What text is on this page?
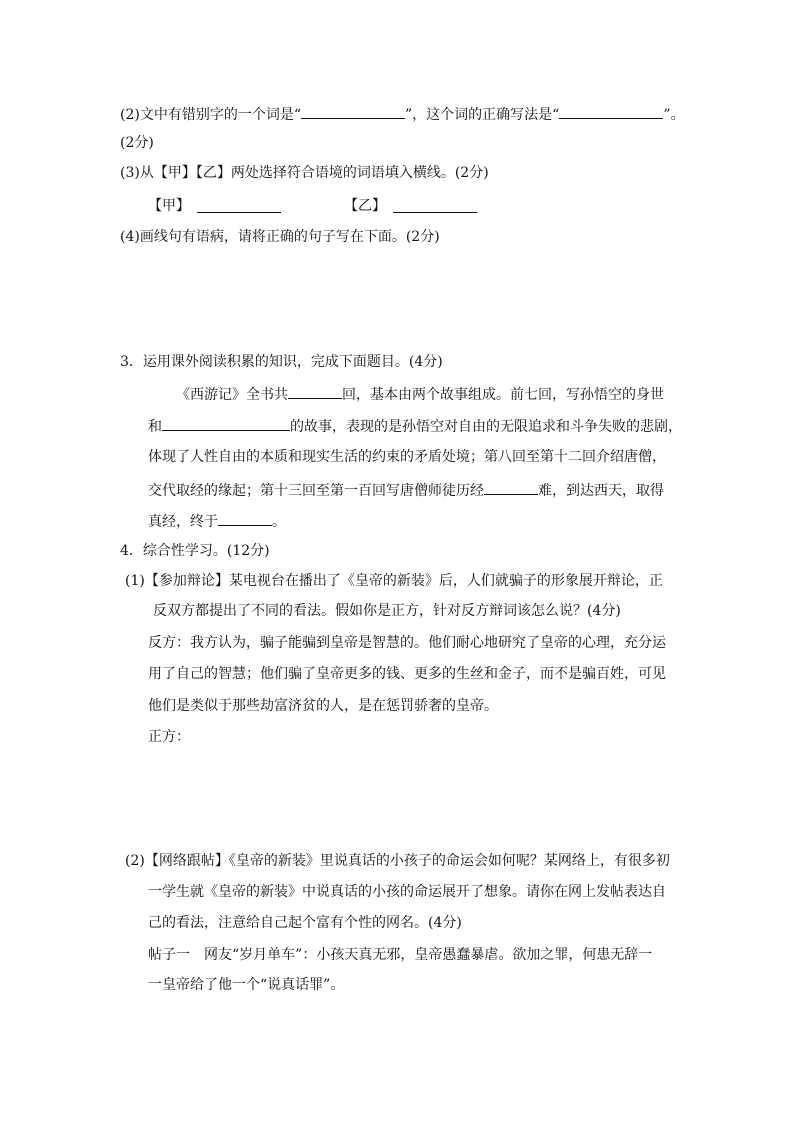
(2)文中有错别字的一个词是“	”，这个词的正确写法是“	”。
(2分)
(3)从【甲】【乙】两处选择符合语境的词语填入横线。(2分)
【甲】	【乙】
(4)画线句有语病，请将正确的句子写在下面。(2分)
3．运用课外阅读积累的知识，完成下面题目。(4分)
《西游记》全书共	回，基本由两个故事组成。前七回，写孙悟空的身世
和	的故事，表现的是孙悟空对自由的无限追求和斗争失败的悲剧，
体现了人性自由的本质和现实生活的约束的矛盾处境；第八回至第十二回介绍唐僧，
交代取经的缘起；第十三回至第一百回写唐僧师徒历经	难，到达西天，取得
真经，终于	。
4．综合性学习。(12分)
(1)【参加辩论】某电视台在播出了《皇帝的新装》后，人们就骗子的形象展开辩论，正
反双方都提出了不同的看法。假如你是正方，针对反方辩词该怎么说？(4分)
反方：我方认为，骗子能骗到皇帝是智慧的。他们耐心地研究了皇帝的心理，充分运
用了自己的智慧；他们骗了皇帝更多的钱、更多的生丝和金子，而不是骗百姓，可见
他们是类似于那些劫富济贫的人，是在惩罚骄奢的皇帝。
正方：
(2)【网络跟帖】《皇帝的新装》里说真话的小孩子的命运会如何呢？某网络上，有很多初
一学生就《皇帝的新装》中说真话的小孩的命运展开了想象。请你在网上发帖表达自
己的看法，注意给自己起个富有个性的网名。(4分)
帖子一　网友“岁月单车”：小孩天真无邪，皇帝愚蠢暴虐。欲加之罪，何患无辞一
一皇帝给了他一个“说真话罪”。
